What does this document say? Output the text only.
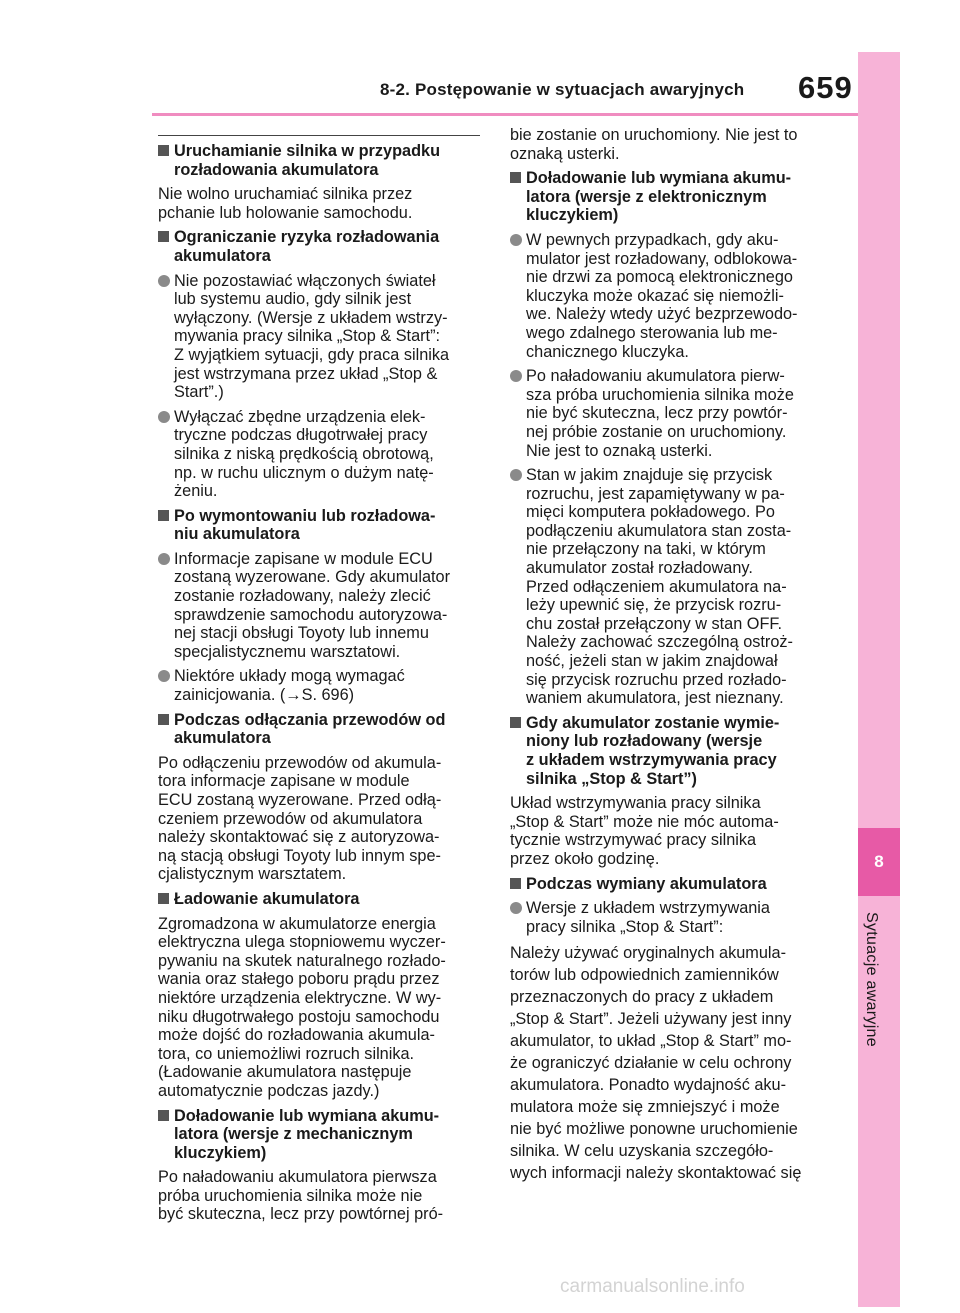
8-2. Postępowanie w sytuacjach awaryjnych 659
8
Sytuacje awaryjne
Uruchamianie silnika w przypadku
rozładowania akumulatora
Nie wolno uruchamiać silnika przez
pchanie lub holowanie samochodu.
Ograniczanie ryzyka rozładowania
akumulatora
Nie pozostawiać włączonych świateł
lub systemu audio, gdy silnik jest
wyłączony. (Wersje z układem wstrzy-
mywania pracy silnika „Stop & Start”:
Z wyjątkiem sytuacji, gdy praca silnika
jest wstrzymana przez układ „Stop &
Start”.)
Wyłączać zbędne urządzenia elek-
tryczne podczas długotrwałej pracy
silnika z niską prędkością obrotową,
np. w ruchu ulicznym o dużym natę-
żeniu.
Po wymontowaniu lub rozładowa-
niu akumulatora
Informacje zapisane w module ECU
zostaną wyzerowane. Gdy akumulator
zostanie rozładowany, należy zlecić
sprawdzenie samochodu autoryzowa-
nej stacji obsługi Toyoty lub innemu
specjalistycznemu warsztatowi.
Niektóre układy mogą wymagać
zainicjowania. (→S. 696)
Podczas odłączania przewodów od
akumulatora
Po odłączeniu przewodów od akumula-
tora informacje zapisane w module
ECU zostaną wyzerowane. Przed odłą-
czeniem przewodów od akumulatora
należy skontaktować się z autoryzowa-
ną stacją obsługi Toyoty lub innym spe-
cjalistycznym warsztatem.
Ładowanie akumulatora
Zgromadzona w akumulatorze energia
elektryczna ulega stopniowemu wyczer-
pywaniu na skutek naturalnego rozłado-
wania oraz stałego poboru prądu przez
niektóre urządzenia elektryczne. W wy-
niku długotrwałego postoju samochodu
może dojść do rozładowania akumula-
tora, co uniemożliwi rozruch silnika.
(Ładowanie akumulatora następuje
automatycznie podczas jazdy.)
Doładowanie lub wymiana akumu-
latora (wersje z mechanicznym
kluczykiem)
Po naładowaniu akumulatora pierwsza
próba uruchomienia silnika może nie
być skuteczna, lecz przy powtórnej pró-
bie zostanie on uruchomiony. Nie jest to
oznaką usterki.
Doładowanie lub wymiana akumu-
latora (wersje z elektronicznym
kluczykiem)
W pewnych przypadkach, gdy aku-
mulator jest rozładowany, odblokowa-
nie drzwi za pomocą elektronicznego
kluczyka może okazać się niemożli-
we. Należy wtedy użyć bezprzewodo-
wego zdalnego sterowania lub me-
chanicznego kluczyka.
Po naładowaniu akumulatora pierw-
sza próba uruchomienia silnika może
nie być skuteczna, lecz przy powtór-
nej próbie zostanie on uruchomiony.
Nie jest to oznaką usterki.
Stan w jakim znajduje się przycisk
rozruchu, jest zapamiętywany w pa-
mięci komputera pokładowego. Po
podłączeniu akumulatora stan zosta-
nie przełączony na taki, w którym
akumulator został rozładowany.
Przed odłączeniem akumulatora na-
leży upewnić się, że przycisk rozru-
chu został przełączony w stan OFF.
Należy zachować szczególną ostroż-
ność, jeżeli stan w jakim znajdował
się przycisk rozruchu przed rozłado-
waniem akumulatora, jest nieznany.
Gdy akumulator zostanie wymie-
niony lub rozładowany (wersje
z układem wstrzymywania pracy
silnika „Stop & Start”)
Układ wstrzymywania pracy silnika
„Stop & Start” może nie móc automa-
tycznie wstrzymywać pracy silnika
przez około godzinę.
Podczas wymiany akumulatora
Wersje z układem wstrzymywania
pracy silnika „Stop & Start”:
Należy używać oryginalnych akumula-
torów lub odpowiednich zamienników
przeznaczonych do pracy z układem
„Stop & Start”. Jeżeli używany jest inny
akumulator, to układ „Stop & Start” mo-
że ograniczyć działanie w celu ochrony
akumulatora. Ponadto wydajność aku-
mulatora może się zmniejszyć i może
nie być możliwe ponowne uruchomienie
silnika. W celu uzyskania szczegóło-
wych informacji należy skontaktować się
carmanualsonline.info
